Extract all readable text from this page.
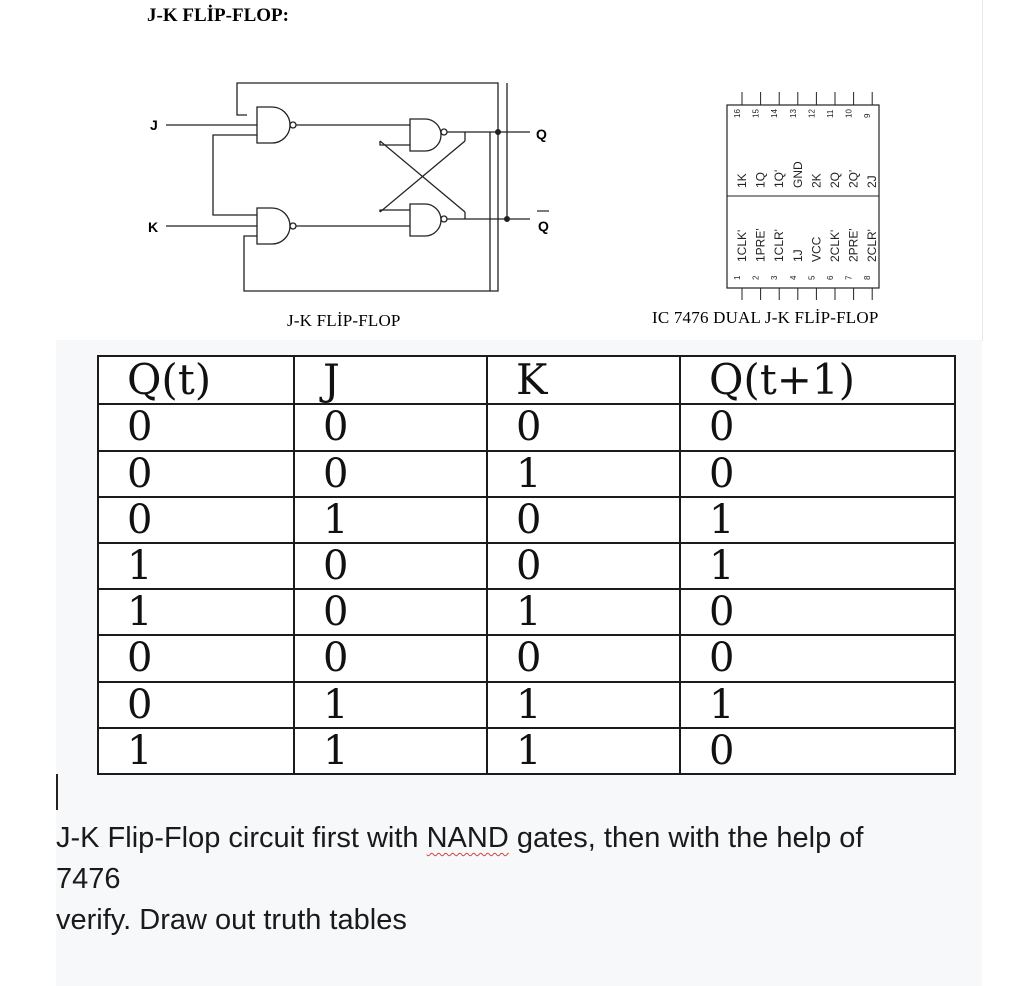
J-K FLİP-FLOP:
J
K
Q
Q
16
1K
15
1Q
14
1Q'
13
GND
12
2K
11
2Q
10
2Q'
9
2J
1
1CLK'
2
1PRE'
3
1CLR'
4
1J
5
VCC
6
2CLK'
7
2PRE'
8
2CLR'
J-K FLİP-FLOP	IC 7476 DUAL J-K FLİP-FLOP
Q(t)	J	K	Q(t+1)
0	0	0	0
0	0	1	0
0	1	0	1
1	0	0	1
1	0	1	0
0	0	0	0
0	1	1	1
1	1	1	0
J-K Flip-Flop circuit first with NAND gates, then with the help of
7476
verify. Draw out truth tables
